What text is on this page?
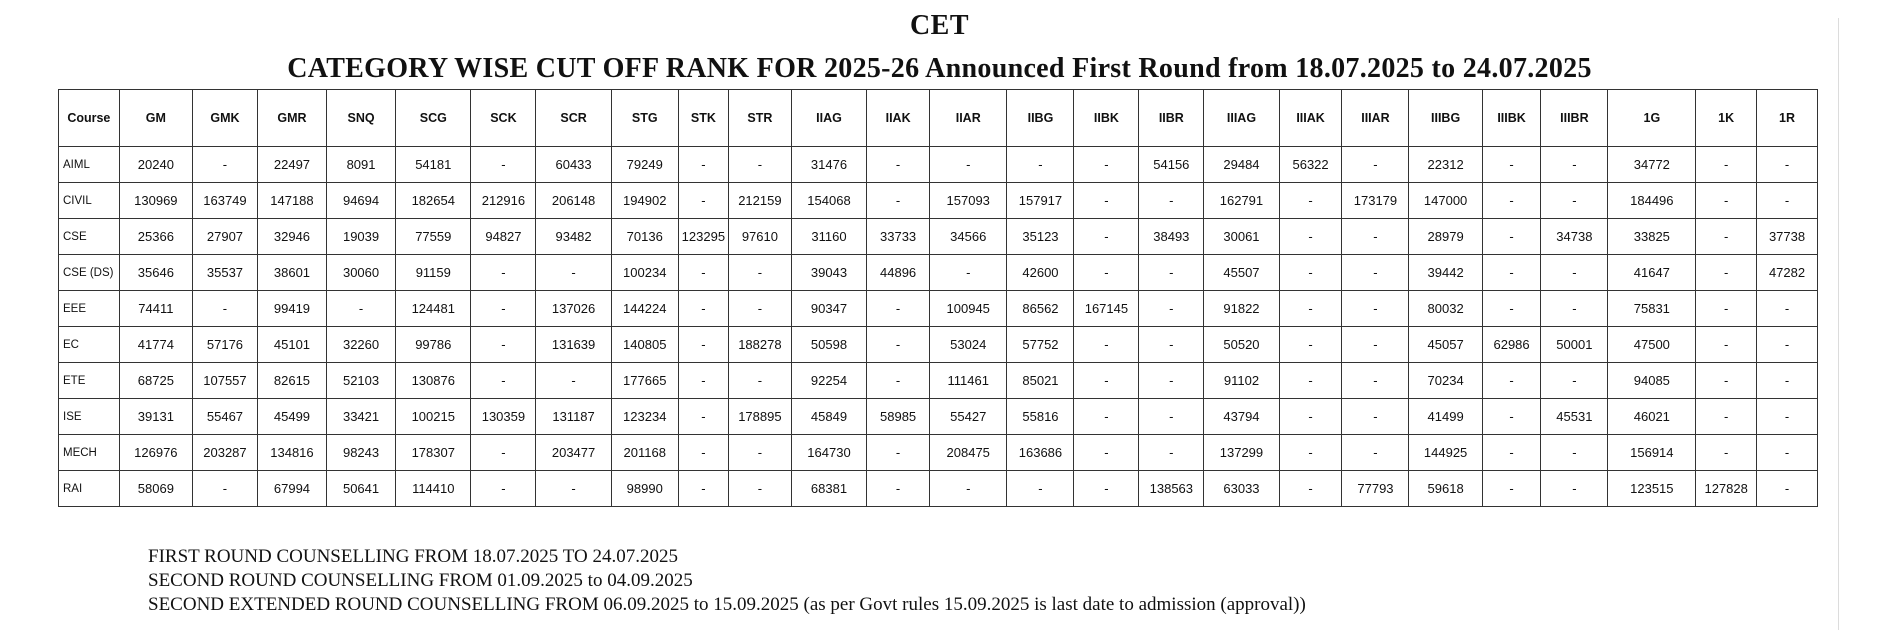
CET
CATEGORY WISE CUT OFF RANK FOR 2025-26 Announced First Round from 18.07.2025 to 24.07.2025
Course	GM	GMK	GMR	SNQ	SCG	SCK	SCR	STG	STK	STR	IIAG	IIAK	IIAR	IIBG	IIBK	IIBR	IIIAG	IIIAK	IIIAR	IIIBG	IIIBK	IIIBR	1G	1K	1R
AIML	20240	-	22497	8091	54181	-	60433	79249	-	-	31476	-	-	-	-	54156	29484	56322	-	22312	-	-	34772	-	-
CIVIL	130969	163749	147188	94694	182654	212916	206148	194902	-	212159	154068	-	157093	157917	-	-	162791	-	173179	147000	-	-	184496	-	-
CSE	25366	27907	32946	19039	77559	94827	93482	70136	123295	97610	31160	33733	34566	35123	-	38493	30061	-	-	28979	-	34738	33825	-	37738
CSE (DS)	35646	35537	38601	30060	91159	-	-	100234	-	-	39043	44896	-	42600	-	-	45507	-	-	39442	-	-	41647	-	47282
EEE	74411	-	99419	-	124481	-	137026	144224	-	-	90347	-	100945	86562	167145	-	91822	-	-	80032	-	-	75831	-	-
EC	41774	57176	45101	32260	99786	-	131639	140805	-	188278	50598	-	53024	57752	-	-	50520	-	-	45057	62986	50001	47500	-	-
ETE	68725	107557	82615	52103	130876	-	-	177665	-	-	92254	-	111461	85021	-	-	91102	-	-	70234	-	-	94085	-	-
ISE	39131	55467	45499	33421	100215	130359	131187	123234	-	178895	45849	58985	55427	55816	-	-	43794	-	-	41499	-	45531	46021	-	-
MECH	126976	203287	134816	98243	178307	-	203477	201168	-	-	164730	-	208475	163686	-	-	137299	-	-	144925	-	-	156914	-	-
RAI	58069	-	67994	50641	114410	-	-	98990	-	-	68381	-	-	-	-	138563	63033	-	77793	59618	-	-	123515	127828	-
FIRST ROUND COUNSELLING FROM 18.07.2025 TO 24.07.2025
SECOND ROUND COUNSELLING FROM 01.09.2025 to 04.09.2025
SECOND EXTENDED ROUND COUNSELLING FROM 06.09.2025 to 15.09.2025 (as per Govt rules 15.09.2025 is last date to admission (approval))
